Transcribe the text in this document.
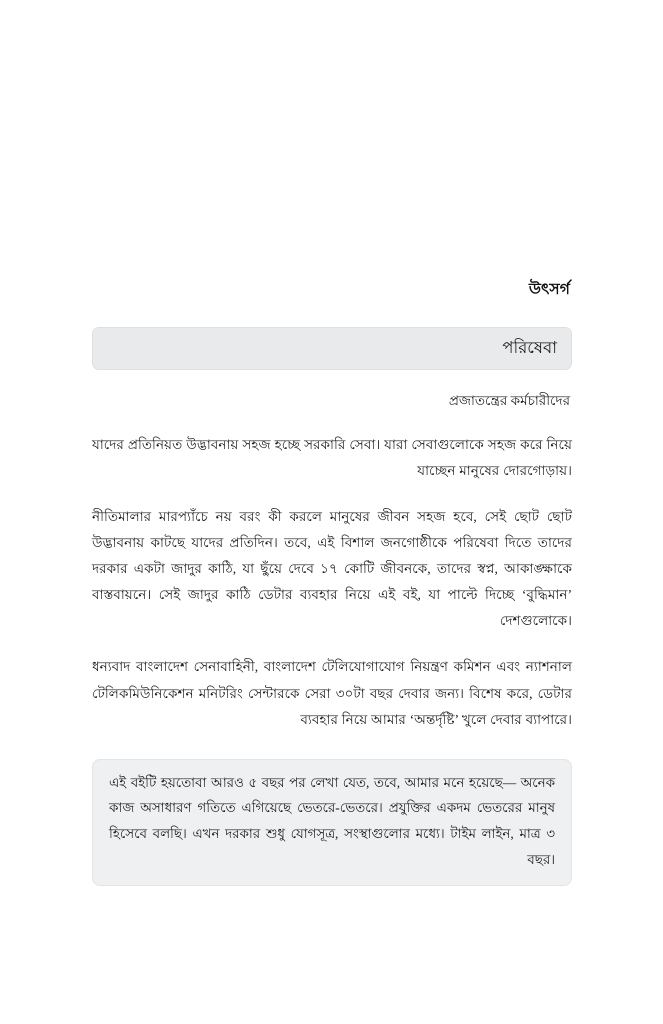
উৎসর্গ

পরিষেবা

প্রজাতন্ত্রের কর্মচারীদের

যাদের প্রতিনিয়ত উদ্ভাবনায় সহজ হচ্ছে সরকারি সেবা। যারা সেবাগুলোকে সহজ করে নিয়ে যাচ্ছেন মানুষের দোরগোড়ায়।

নীতিমালার মারপ্যাঁচে নয় বরং কী করলে মানুষের জীবন সহজ হবে, সেই ছোট ছোট উদ্ভাবনায় কাটছে যাদের প্রতিদিন। তবে, এই বিশাল জনগোষ্ঠীকে পরিষেবা দিতে তাদের দরকার একটা জাদুর কাঠি, যা ছুঁয়ে দেবে ১৭ কোটি জীবনকে, তাদের স্বপ্ন, আকাঙ্ক্ষাকে বাস্তবায়নে। সেই জাদুর কাঠি ডেটার ব্যবহার নিয়ে এই বই, যা পাল্টে দিচ্ছে ‘বুদ্ধিমান’ দেশগুলোকে।

ধন্যবাদ বাংলাদেশ সেনাবাহিনী, বাংলাদেশ টেলিযোগাযোগ নিয়ন্ত্রণ কমিশন এবং ন্যাশনাল টেলিকমিউনিকেশন মনিটরিং সেন্টারকে সেরা ৩০টা বছর দেবার জন্য। বিশেষ করে, ডেটার ব্যবহার নিয়ে আমার ‘অন্তর্দৃষ্টি’ খুলে দেবার ব্যাপারে।

এই বইটি হয়তোবা আরও ৫ বছর পর লেখা যেত, তবে, আমার মনে হয়েছে— অনেক কাজ অসাধারণ গতিতে এগিয়েছে ভেতরে-ভেতরে। প্রযুক্তির একদম ভেতরের মানুষ হিসেবে বলছি। এখন দরকার শুধু যোগসূত্র, সংস্থাগুলোর মধ্যে। টাইম লাইন, মাত্র ৩ বছর।
